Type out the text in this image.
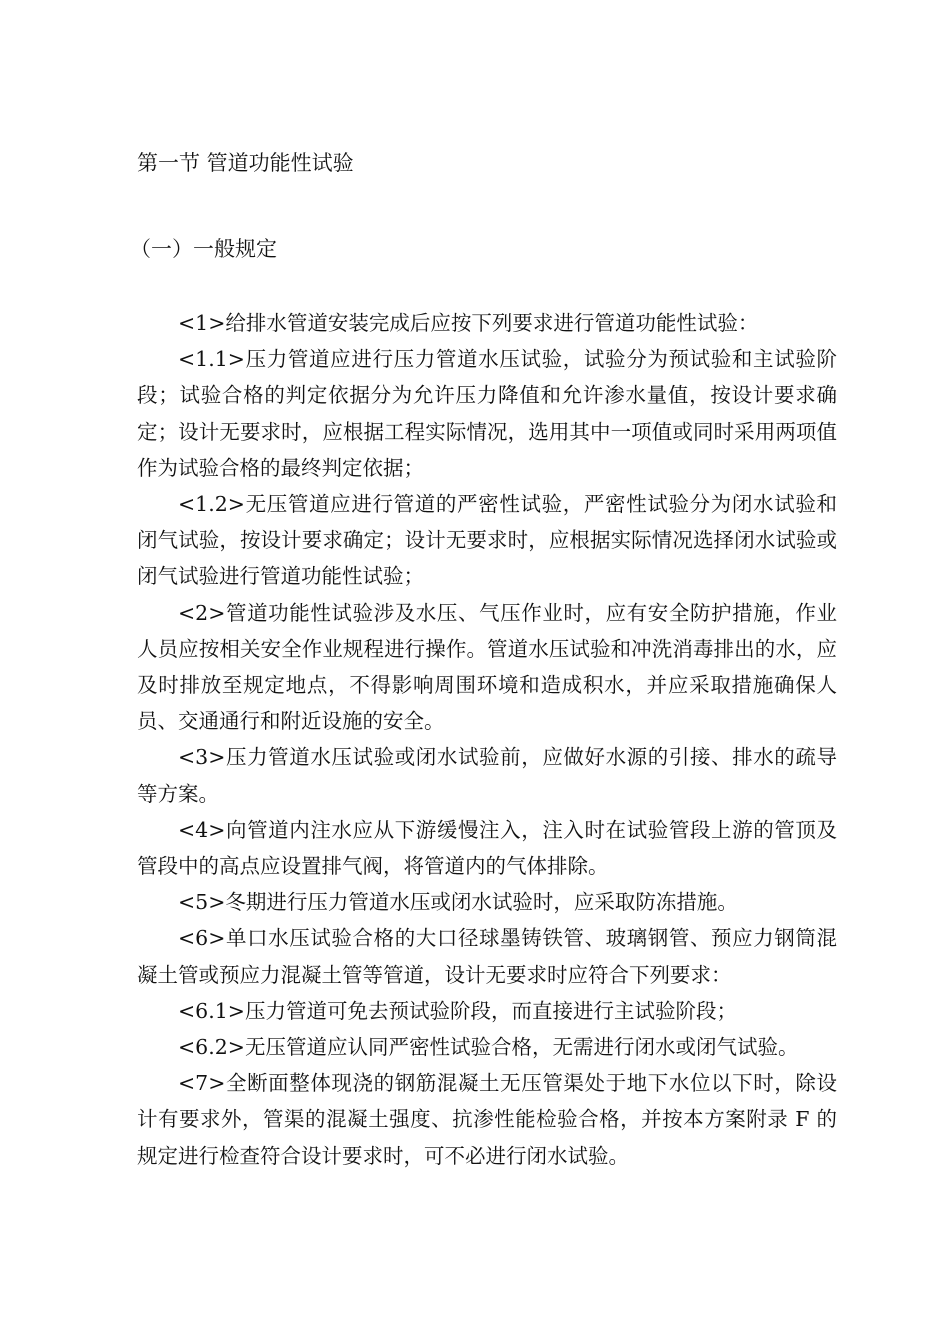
第一节 管道功能性试验
（一）一般规定

<1>给排水管道安装完成后应按下列要求进行管道功能性试验：

<1.1>压力管道应进行压力管道水压试验，试验分为预试验和主试验阶段；试验合格的判定依据分为允许压力降值和允许渗水量值，按设计要求确定；设计无要求时，应根据工程实际情况，选用其中一项值或同时采用两项值作为试验合格的最终判定依据；

<1.2>无压管道应进行管道的严密性试验，严密性试验分为闭水试验和闭气试验，按设计要求确定；设计无要求时，应根据实际情况选择闭水试验或闭气试验进行管道功能性试验；

<2>管道功能性试验涉及水压、气压作业时，应有安全防护措施，作业人员应按相关安全作业规程进行操作。管道水压试验和冲洗消毒排出的水，应及时排放至规定地点，不得影响周围环境和造成积水，并应采取措施确保人员、交通通行和附近设施的安全。

<3>压力管道水压试验或闭水试验前，应做好水源的引接、排水的疏导等方案。

<4>向管道内注水应从下游缓慢注入，注入时在试验管段上游的管顶及管段中的高点应设置排气阀，将管道内的气体排除。

<5>冬期进行压力管道水压或闭水试验时，应采取防冻措施。

<6>单口水压试验合格的大口径球墨铸铁管、玻璃钢管、预应力钢筒混凝土管或预应力混凝土管等管道，设计无要求时应符合下列要求：

<6.1>压力管道可免去预试验阶段，而直接进行主试验阶段；

<6.2>无压管道应认同严密性试验合格，无需进行闭水或闭气试验。

<7>全断面整体现浇的钢筋混凝土无压管渠处于地下水位以下时，除设计有要求外，管渠的混凝土强度、抗渗性能检验合格，并按本方案附录 F 的规定进行检查符合设计要求时，可不必进行闭水试验。
